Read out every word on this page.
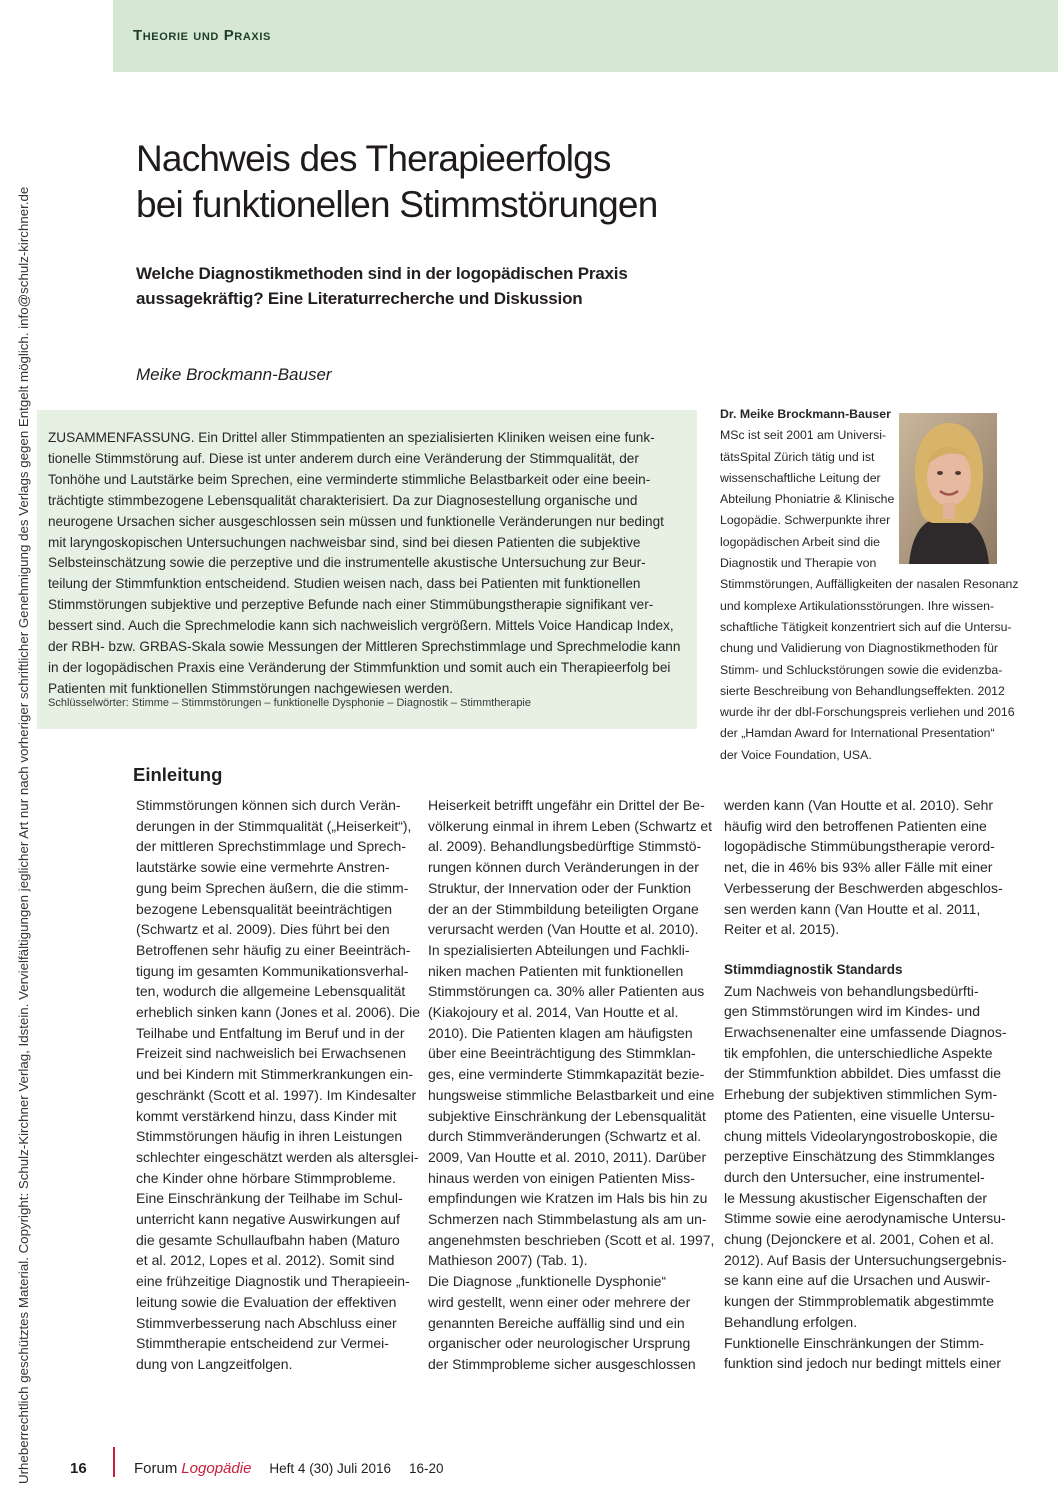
Theorie und Praxis
Urheberrechtlich geschütztes Material. Copyright: Schulz-Kirchner Verlag, Idstein. Vervielfältigungen jeglicher Art nur nach vorheriger schriftlicher Genehmigung des Verlags gegen Entgelt möglich. info@schulz-kirchner.de
Nachweis des Therapieerfolgs
bei funktionellen Stimmstörungen
Welche Diagnostikmethoden sind in der logopädischen Praxis
aussagekräftig? Eine Literaturrecherche und Diskussion
Meike Brockmann-Bauser
ZUSAMMENFASSUNG. Ein Drittel aller Stimmpatienten an spezialisierten Kliniken weisen eine funk-
tionelle Stimmstörung auf. Diese ist unter anderem durch eine Veränderung der Stimmqualität, der
Tonhöhe und Lautstärke beim Sprechen, eine verminderte stimmliche Belastbarkeit oder eine beein-
trächtigte stimmbezogene Lebensqualität charakterisiert. Da zur Diagnosestellung organische und
neurogene Ursachen sicher ausgeschlossen sein müssen und funktionelle Veränderungen nur bedingt
mit laryngoskopischen Untersuchungen nachweisbar sind, sind bei diesen Patienten die subjektive
Selbsteinschätzung sowie die perzeptive und die instrumentelle akustische Untersuchung zur Beur-
teilung der Stimmfunktion entscheidend. Studien weisen nach, dass bei Patienten mit funktionellen
Stimmstörungen subjektive und perzeptive Befunde nach einer Stimmübungstherapie signifikant ver-
bessert sind. Auch die Sprechmelodie kann sich nachweislich vergrößern. Mittels Voice Handicap Index,
der RBH- bzw. GRBAS-Skala sowie Messungen der Mittleren Sprechstimmlage und Sprechmelodie kann
in der logopädischen Praxis eine Veränderung der Stimmfunktion und somit auch ein Therapieerfolg bei
Patienten mit funktionellen Stimmstörungen nachgewiesen werden.
Schlüsselwörter: Stimme – Stimmstörungen – funktionelle Dysphonie – Diagnostik – Stimmtherapie
Dr. Meike Brockmann-Bauser
MSc ist seit 2001 am Universi-
tätsSpital Zürich tätig und ist
wissenschaftliche Leitung der
Abteilung Phoniatrie & Klinische
Logopädie. Schwerpunkte ihrer
logopädischen Arbeit sind die
Diagnostik und Therapie von
Stimmstörungen, Auffälligkeiten der nasalen Resonanz
und komplexe Artikulationsstörungen. Ihre wissen-
schaftliche Tätigkeit konzentriert sich auf die Untersu-
chung und Validierung von Diagnostikmethoden für
Stimm- und Schluckstörungen sowie die evidenzba-
sierte Beschreibung von Behandlungseffekten. 2012
wurde ihr der dbl-Forschungspreis verliehen und 2016
der „Hamdan Award for International Presentation“
der Voice Foundation, USA.
Einleitung
Stimmstörungen können sich durch Verän-
derungen in der Stimmqualität („Heiserkeit“),
der mittleren Sprechstimmlage und Sprech-
lautstärke sowie eine vermehrte Anstren-
gung beim Sprechen äußern, die die stimm-
bezogene Lebensqualität beeinträchtigen
(Schwartz et al. 2009). Dies führt bei den
Betroffenen sehr häufig zu einer Beeinträch-
tigung im gesamten Kommunikationsverhal-
ten, wodurch die allgemeine Lebensqualität
erheblich sinken kann (Jones et al. 2006). Die
Teilhabe und Entfaltung im Beruf und in der
Freizeit sind nachweislich bei Erwachsenen
und bei Kindern mit Stimmerkrankungen ein-
geschränkt (Scott et al. 1997). Im Kindesalter
kommt verstärkend hinzu, dass Kinder mit
Stimmstörungen häufig in ihren Leistungen
schlechter eingeschätzt werden als altersglei-
che Kinder ohne hörbare Stimmprobleme.
Eine Einschränkung der Teilhabe im Schul-
unterricht kann negative Auswirkungen auf
die gesamte Schullaufbahn haben (Maturo
et al. 2012, Lopes et al. 2012). Somit sind
eine frühzeitige Diagnostik und Therapieein-
leitung sowie die Evaluation der effektiven
Stimmverbesserung nach Abschluss einer
Stimmtherapie entscheidend zur Vermei-
dung von Langzeitfolgen.
Heiserkeit betrifft ungefähr ein Drittel der Be-
völkerung einmal in ihrem Leben (Schwartz et
al. 2009). Behandlungsbedürftige Stimmstö-
rungen können durch Veränderungen in der
Struktur, der Innervation oder der Funktion
der an der Stimmbildung beteiligten Organe
verursacht werden (Van Houtte et al. 2010).
In spezialisierten Abteilungen und Fachkli-
niken machen Patienten mit funktionellen
Stimmstörungen ca. 30% aller Patienten aus
(Kiakojoury et al. 2014, Van Houtte et al.
2010). Die Patienten klagen am häufigsten
über eine Beeinträchtigung des Stimmklan-
ges, eine verminderte Stimmkapazität bezie-
hungsweise stimmliche Belastbarkeit und eine
subjektive Einschränkung der Lebensqualität
durch Stimmveränderungen (Schwartz et al.
2009, Van Houtte et al. 2010, 2011). Darüber
hinaus werden von einigen Patienten Miss-
empfindungen wie Kratzen im Hals bis hin zu
Schmerzen nach Stimmbelastung als am un-
angenehmsten beschrieben (Scott et al. 1997,
Mathieson 2007) (Tab. 1).
Die Diagnose „funktionelle Dysphonie“
wird gestellt, wenn einer oder mehrere der
genannten Bereiche auffällig sind und ein
organischer oder neurologischer Ursprung
der Stimmprobleme sicher ausgeschlossen
werden kann (Van Houtte et al. 2010). Sehr
häufig wird den betroffenen Patienten eine
logopädische Stimmübungstherapie verord-
net, die in 46% bis 93% aller Fälle mit einer
Verbesserung der Beschwerden abgeschlos-
sen werden kann (Van Houtte et al. 2011,
Reiter et al. 2015).
Stimmdiagnostik Standards
Zum Nachweis von behandlungsbedürfti-
gen Stimmstörungen wird im Kindes- und
Erwachsenenalter eine umfassende Diagnos-
tik empfohlen, die unterschiedliche Aspekte
der Stimmfunktion abbildet. Dies umfasst die
Erhebung der subjektiven stimmlichen Sym-
ptome des Patienten, eine visuelle Untersu-
chung mittels Videolaryngostroboskopie, die
perzeptive Einschätzung des Stimmklanges
durch den Untersucher, eine instrumentel-
le Messung akustischer Eigenschaften der
Stimme sowie eine aerodynamische Untersu-
chung (Dejonckere et al. 2001, Cohen et al.
2012). Auf Basis der Untersuchungsergebnis-
se kann eine auf die Ursachen und Auswir-
kungen der Stimmproblematik abgestimmte
Behandlung erfolgen.
Funktionelle Einschränkungen der Stimm-
funktion sind jedoch nur bedingt mittels einer
16	Forum Logopädie Heft 4 (30) Juli 2016 16-20
